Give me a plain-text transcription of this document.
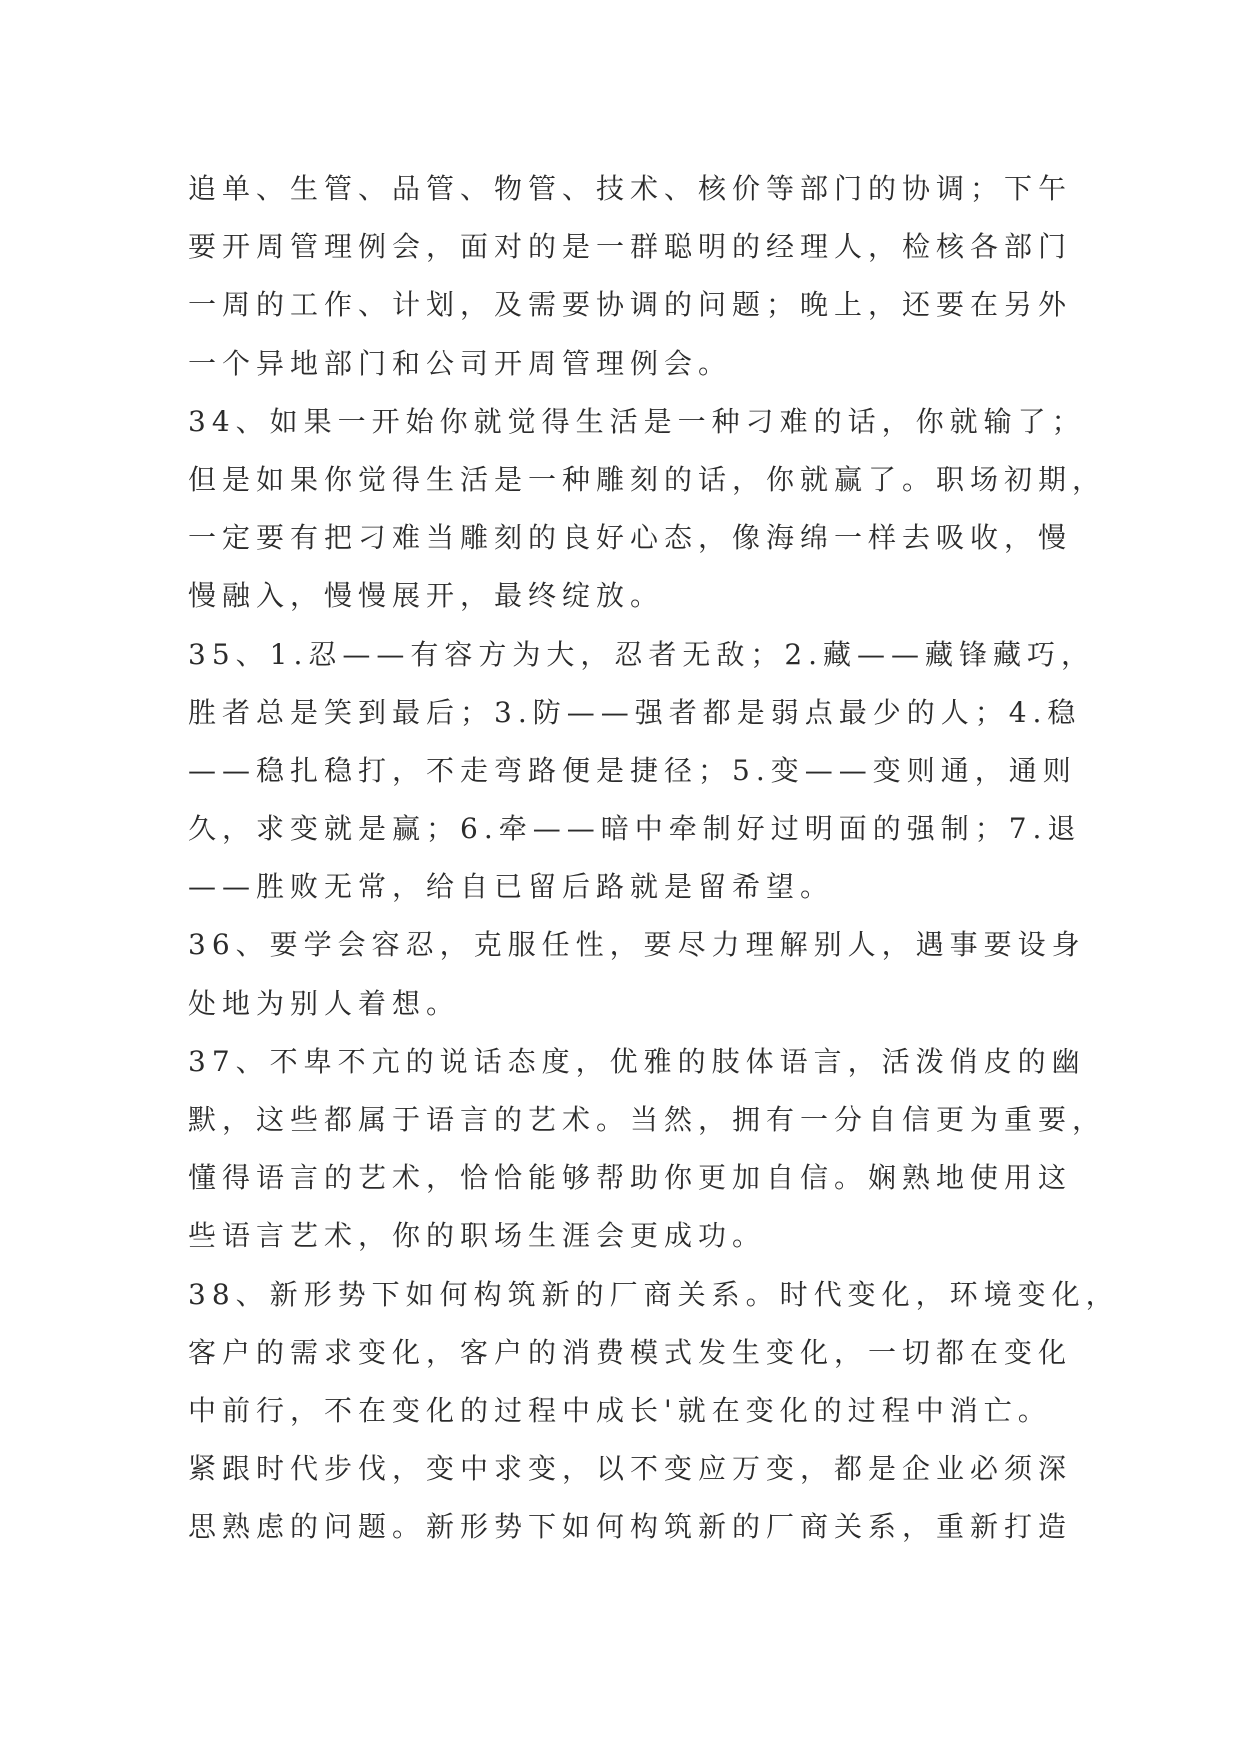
追单、生管、品管、物管、技术、核价等部门的协调；下午
要开周管理例会，面对的是一群聪明的经理人，检核各部门
一周的工作、计划，及需要协调的问题；晚上，还要在另外
一个异地部门和公司开周管理例会。
34、如果一开始你就觉得生活是一种刁难的话，你就输了；
但是如果你觉得生活是一种雕刻的话，你就赢了。职场初期，
一定要有把刁难当雕刻的良好心态，像海绵一样去吸收，慢
慢融入，慢慢展开，最终绽放。
35、1.忍——有容方为大，忍者无敌；2.藏——藏锋藏巧，
胜者总是笑到最后；3.防——强者都是弱点最少的人；4.稳
——稳扎稳打，不走弯路便是捷径；5.变——变则通，通则
久，求变就是赢；6.牵——暗中牵制好过明面的强制；7.退
——胜败无常，给自已留后路就是留希望。
36、要学会容忍，克服任性，要尽力理解别人，遇事要设身
处地为别人着想。
37、不卑不亢的说话态度，优雅的肢体语言，活泼俏皮的幽
默，这些都属于语言的艺术。当然，拥有一分自信更为重要，
懂得语言的艺术，恰恰能够帮助你更加自信。娴熟地使用这
些语言艺术，你的职场生涯会更成功。
38、新形势下如何构筑新的厂商关系。时代变化，环境变化，
客户的需求变化，客户的消费模式发生变化，一切都在变化
中前行，不在变化的过程中成长'就在变化的过程中消亡。
紧跟时代步伐，变中求变，以不变应万变，都是企业必须深
思熟虑的问题。新形势下如何构筑新的厂商关系，重新打造
